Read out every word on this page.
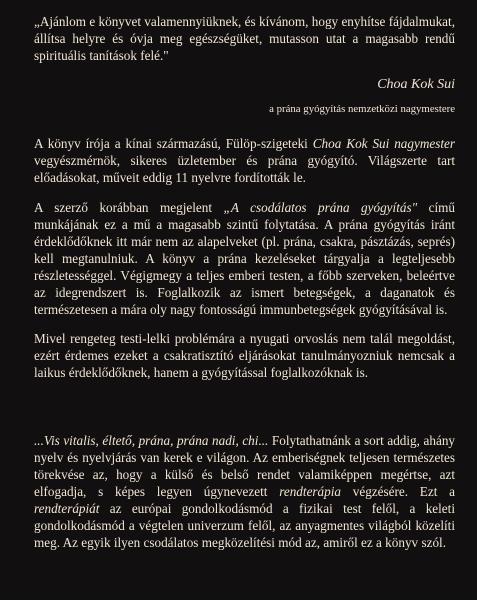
„Ajánlom e könyvet valamennyiüknek, és kívánom, hogy enyhítse fájdalmukat, állítsa helyre és óvja meg egészségüket, mutasson utat a magasabb rendű spirituális tanítások felé."

Choa Kok Sui
a prána gyógyítás nemzetközi nagymestere

A könyv írója a kínai származású, Fülöp-szigeteki Choa Kok Sui nagymester vegyészmérnök, sikeres üzletember és prána gyógyító. Világszerte tart előadásokat, műveit eddig 11 nyelvre fordították le.

A szerző korábban megjelent „A csodálatos prána gyógyítás" című munkájának ez a mű a magasabb szintű folytatása. A prána gyógyítás iránt érdeklődőknek itt már nem az alapelveket (pl. prána, csakra, pásztázás, seprés) kell megtanulniuk. A könyv a prána kezeléseket tárgyalja a legteljesebb részletességgel. Végigmegy a teljes emberi testen, a főbb szerveken, beleértve az idegrendszert is. Foglalkozik az ismert betegségek, a daganatok és természetesen a mára oly nagy fontosságú immunbetegségek gyógyításával is.

Mivel rengeteg testi-lelki problémára a nyugati orvoslás nem talál megoldást, ezért érdemes ezeket a csakratisztító eljárásokat tanulmányozniuk nemcsak a laikus érdeklődőknek, hanem a gyógyítással foglalkozóknak is.

...Vis vitalis, éltető, prána, prána nadi, chi... Folytathatnánk a sort addig, ahány nyelv és nyelvjárás van kerek e világon. Az emberiségnek teljesen természetes törekvése az, hogy a külső és belső rendet valamiképpen megértse, azt elfogadja, s képes legyen úgynevezett rendterápia végzésére. Ezt a rendterápiát az európai gondolkodásmód a fizikai test felől, a keleti gondolkodásmód a végtelen univerzum felől, az anyagmentes világból közelíti meg. Az egyik ilyen csodálatos megközelítési mód az, amiről ez a könyv szól.
